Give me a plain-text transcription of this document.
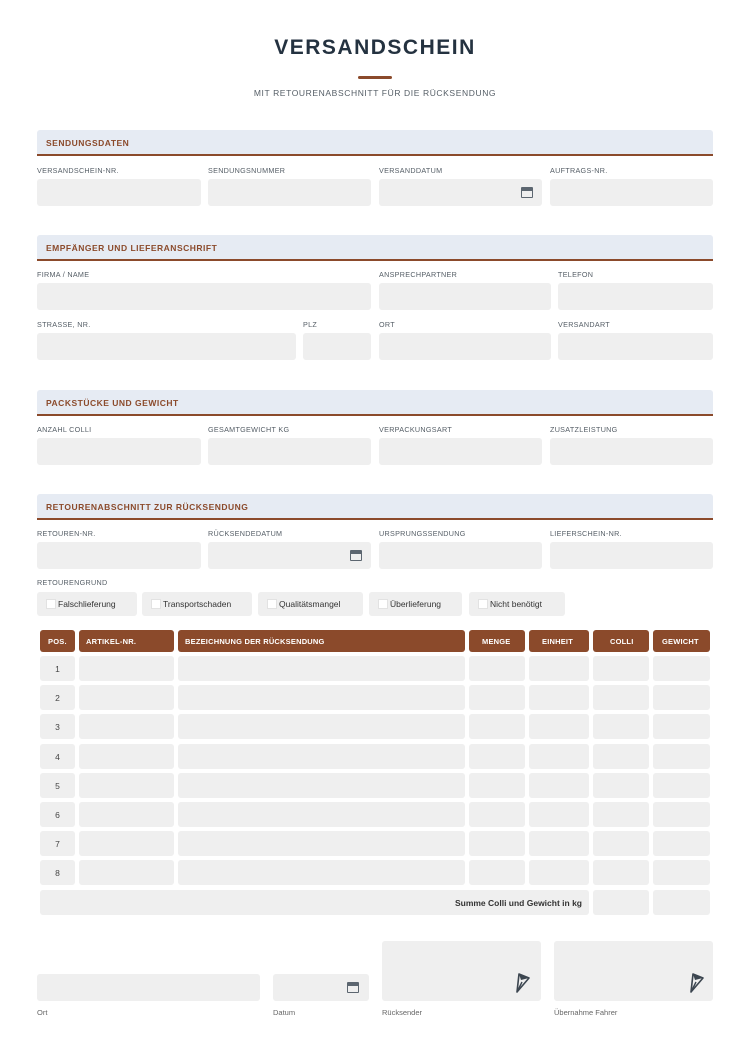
VERSANDSCHEIN
MIT RETOURENABSCHNITT FÜR DIE RÜCKSENDUNG
SENDUNGSDATEN
VERSANDSCHEIN-NR.	SENDUNGSNUMMER	VERSANDDATUM	AUFTRAGS-NR.
EMPFÄNGER UND LIEFERANSCHRIFT
FIRMA / NAME	ANSPRECHPARTNER	TELEFON
STRASSE, NR.	PLZ	ORT	VERSANDART
PACKSTÜCKE UND GEWICHT
ANZAHL COLLI	GESAMTGEWICHT KG	VERPACKUNGSART	ZUSATZLEISTUNG
RETOURENABSCHNITT ZUR RÜCKSENDUNG
RETOUREN-NR.	RÜCKSENDEDATUM	URSPRUNGSSENDUNG	LIEFERSCHEIN-NR.
RETOURENGRUND
Falschlieferung	Transportschaden	Qualitätsmangel	Überlieferung	Nicht benötigt
POS.	ARTIKEL-NR.	BEZEICHNUNG DER RÜCKSENDUNG	MENGE	EINHEIT	COLLI	GEWICHT
1
2
3
4
5
6
7
8
Summe Colli und Gewicht in kg
Ort	Datum	Rücksender	Übernahme Fahrer
